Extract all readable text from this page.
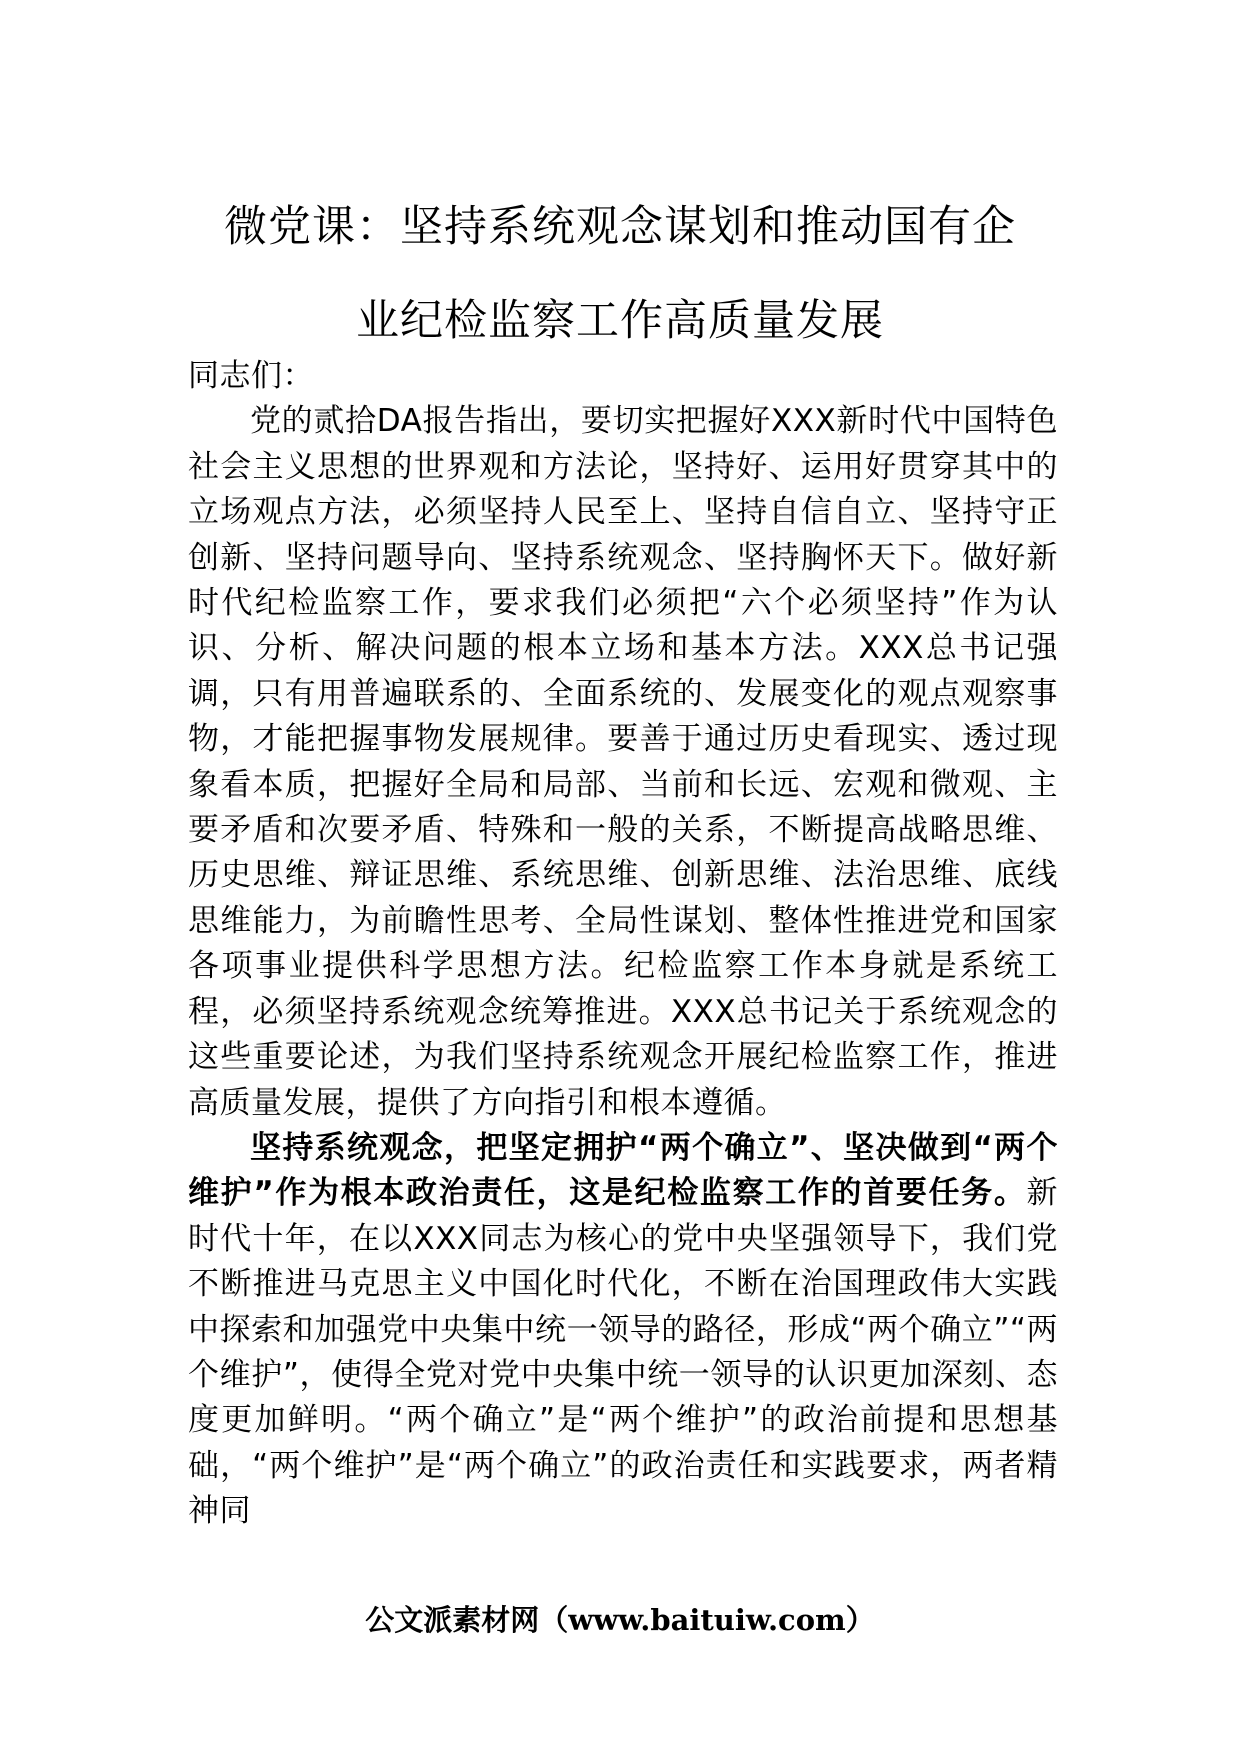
微党课：坚持系统观念谋划和推动国有企
业纪检监察工作高质量发展

同志们：

党的贰拾DA报告指出，要切实把握好XXX新时代中国特色社会主义思想的世界观和方法论，坚持好、运用好贯穿其中的立场观点方法，必须坚持人民至上、坚持自信自立、坚持守正创新、坚持问题导向、坚持系统观念、坚持胸怀天下。做好新时代纪检监察工作，要求我们必须把“六个必须坚持”作为认识、分析、解决问题的根本立场和基本方法。XXX总书记强调，只有用普遍联系的、全面系统的、发展变化的观点观察事物，才能把握事物发展规律。要善于通过历史看现实、透过现象看本质，把握好全局和局部、当前和长远、宏观和微观、主要矛盾和次要矛盾、特殊和一般的关系，不断提高战略思维、历史思维、辩证思维、系统思维、创新思维、法治思维、底线思维能力，为前瞻性思考、全局性谋划、整体性推进党和国家各项事业提供科学思想方法。纪检监察工作本身就是系统工程，必须坚持系统观念统筹推进。XXX总书记关于系统观念的这些重要论述，为我们坚持系统观念开展纪检监察工作，推进高质量发展，提供了方向指引和根本遵循。

坚持系统观念，把坚定拥护“两个确立”、坚决做到“两个维护”作为根本政治责任，这是纪检监察工作的首要任务。新时代十年，在以XXX同志为核心的党中央坚强领导下，我们党不断推进马克思主义中国化时代化，不断在治国理政伟大实践中探索和加强党中央集中统一领导的路径，形成“两个确立”“两个维护”，使得全党对党中央集中统一领导的认识更加深刻、态度更加鲜明。“两个确立”是“两个维护”的政治前提和思想基础，“两个维护”是“两个确立”的政治责任和实践要求，两者精神同

公文派素材网（www.baituiw.com）
